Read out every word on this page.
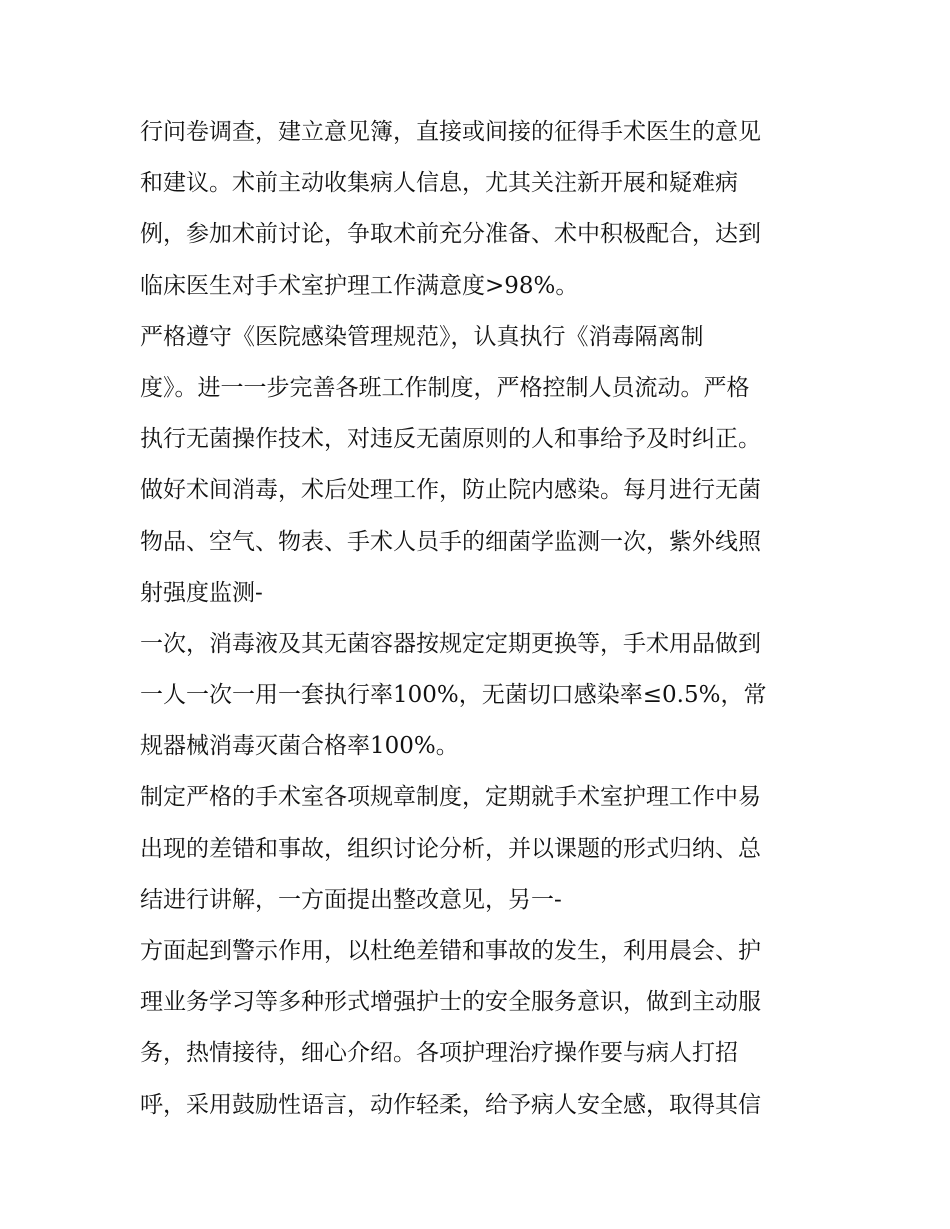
行问卷调查，建立意见簿，直接或间接的征得手术医生的意见
和建议。术前主动收集病人信息，尤其关注新开展和疑难病
例，参加术前讨论，争取术前充分准备、术中积极配合，达到
临床医生对手术室护理工作满意度>98%。
严格遵守《医院感染管理规范》，认真执行《消毒隔离制
度》。进一一步完善各班工作制度，严格控制人员流动。严格
执行无菌操作技术，对违反无菌原则的人和事给予及时纠正。
做好术间消毒，术后处理工作，防止院内感染。每月进行无菌
物品、空气、物表、手术人员手的细菌学监测一次，紫外线照
射强度监测-
一次，消毒液及其无菌容器按规定定期更换等，手术用品做到
一人一次一用一套执行率100%，无菌切口感染率≤0.5%，常
规器械消毒灭菌合格率100%。
制定严格的手术室各项规章制度，定期就手术室护理工作中易
出现的差错和事故，组织讨论分析，并以课题的形式归纳、总
结进行讲解，一方面提出整改意见，另一-
方面起到警示作用，以杜绝差错和事故的发生，利用晨会、护
理业务学习等多种形式增强护士的安全服务意识，做到主动服
务，热情接待，细心介绍。各项护理治疗操作要与病人打招
呼，采用鼓励性语言，动作轻柔，给予病人安全感，取得其信
